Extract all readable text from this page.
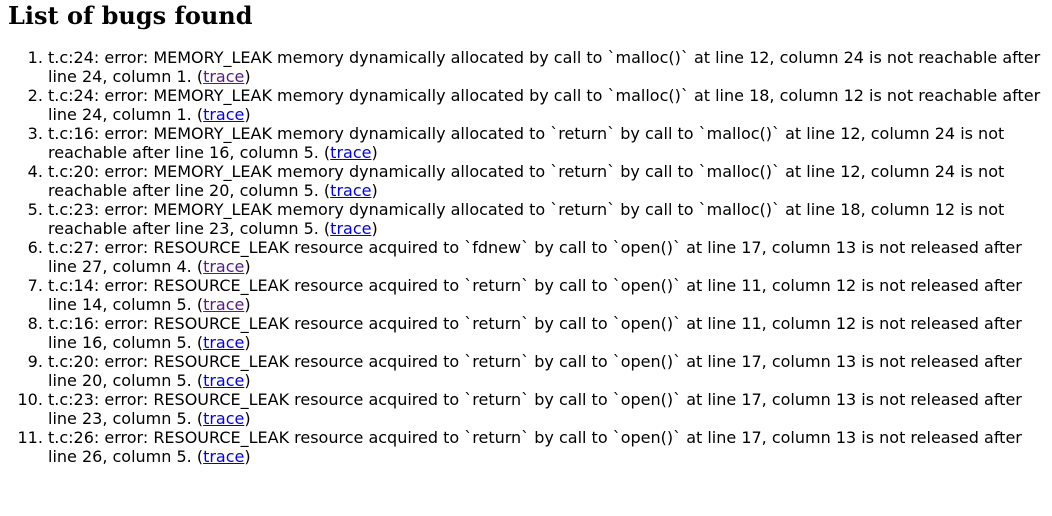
List of bugs found
1. t.c:24: error: MEMORY_LEAK memory dynamically allocated by call to `malloc()` at line 12, column 24 is not reachable after line 24, column 1. (trace)
2. t.c:24: error: MEMORY_LEAK memory dynamically allocated by call to `malloc()` at line 18, column 12 is not reachable after line 24, column 1. (trace)
3. t.c:16: error: MEMORY_LEAK memory dynamically allocated to `return` by call to `malloc()` at line 12, column 24 is not reachable after line 16, column 5. (trace)
4. t.c:20: error: MEMORY_LEAK memory dynamically allocated to `return` by call to `malloc()` at line 12, column 24 is not reachable after line 20, column 5. (trace)
5. t.c:23: error: MEMORY_LEAK memory dynamically allocated to `return` by call to `malloc()` at line 18, column 12 is not reachable after line 23, column 5. (trace)
6. t.c:27: error: RESOURCE_LEAK resource acquired to `fdnew` by call to `open()` at line 17, column 13 is not released after line 27, column 4. (trace)
7. t.c:14: error: RESOURCE_LEAK resource acquired to `return` by call to `open()` at line 11, column 12 is not released after line 14, column 5. (trace)
8. t.c:16: error: RESOURCE_LEAK resource acquired to `return` by call to `open()` at line 11, column 12 is not released after line 16, column 5. (trace)
9. t.c:20: error: RESOURCE_LEAK resource acquired to `return` by call to `open()` at line 17, column 13 is not released after line 20, column 5. (trace)
10. t.c:23: error: RESOURCE_LEAK resource acquired to `return` by call to `open()` at line 17, column 13 is not released after line 23, column 5. (trace)
11. t.c:26: error: RESOURCE_LEAK resource acquired to `return` by call to `open()` at line 17, column 13 is not released after line 26, column 5. (trace)
